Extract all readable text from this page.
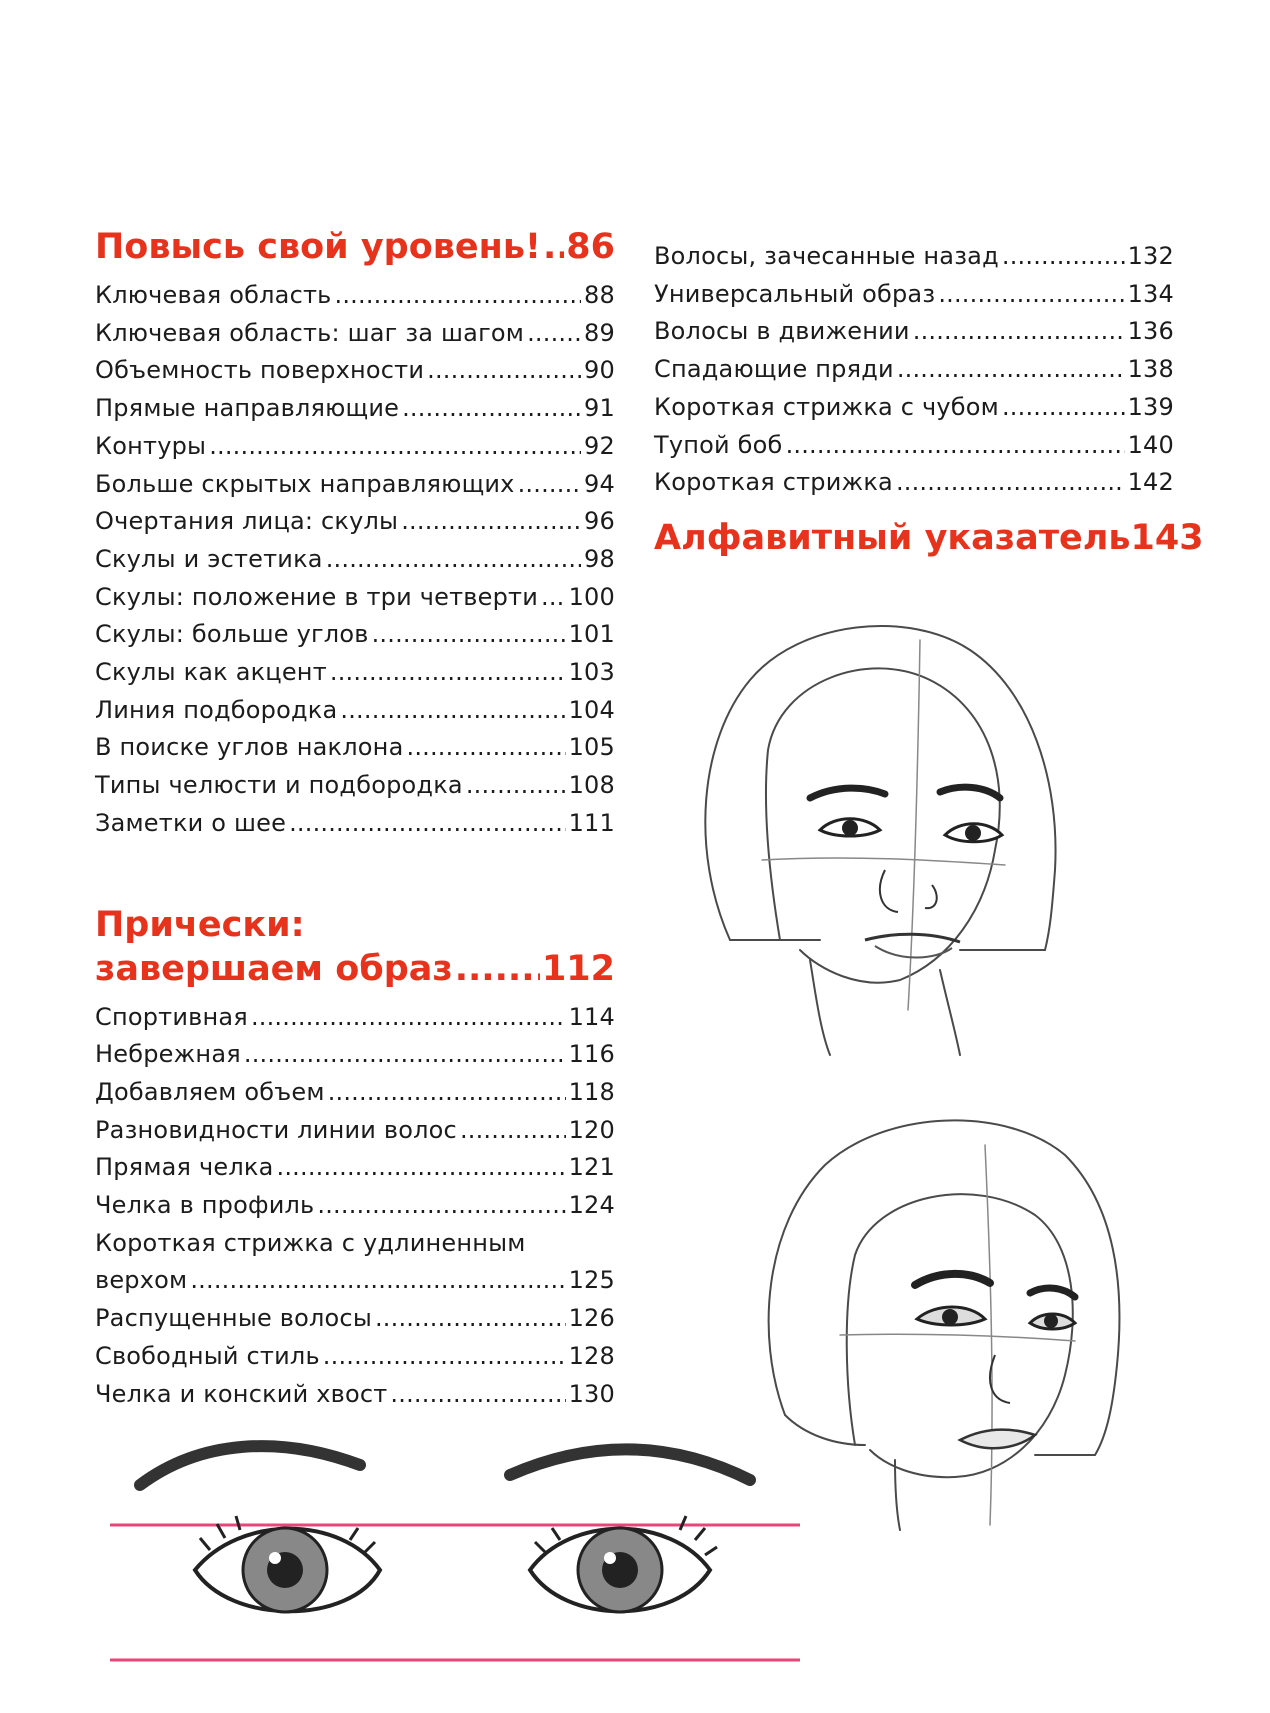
Повысь свой уровень! ..... 86
Ключевая область .....	88
Ключевая область: шаг за шагом ..... 89
Объемность поверхности .....	90
Прямые направляющие .....	91
Контуры .....	92
Больше скрытых направляющих .....	94
Очертания лица: скулы .....	96
Скулы и эстетика .....	98
Скулы: положение в три четверти ..... 100
Скулы: больше углов .....	101
Скулы как акцент .....	103
Линия подбородка .....	104
В поиске углов наклона .....	105
Типы челюсти и подбородка .....	108
Заметки о шее .....	111
Прически:
завершаем образ .....	112
Спортивная .....	114
Небрежная .....	116
Добавляем объем .....	118
Разновидности линии волос .....	120
Прямая челка .....	121
Челка в профиль .....	124
Короткая стрижка с удлиненным
верхом .....	125
Распущенные волосы .....	126
Свободный стиль .....	128
Челка и конский хвост .....	130
Волосы, зачесанные назад .....	132
Универсальный образ .....	134
Волосы в движении .....	136
Спадающие пряди .....	138
Короткая стрижка с чубом .....	139
Тупой боб .....	140
Короткая стрижка .....	142
Алфавитный указатель 143
